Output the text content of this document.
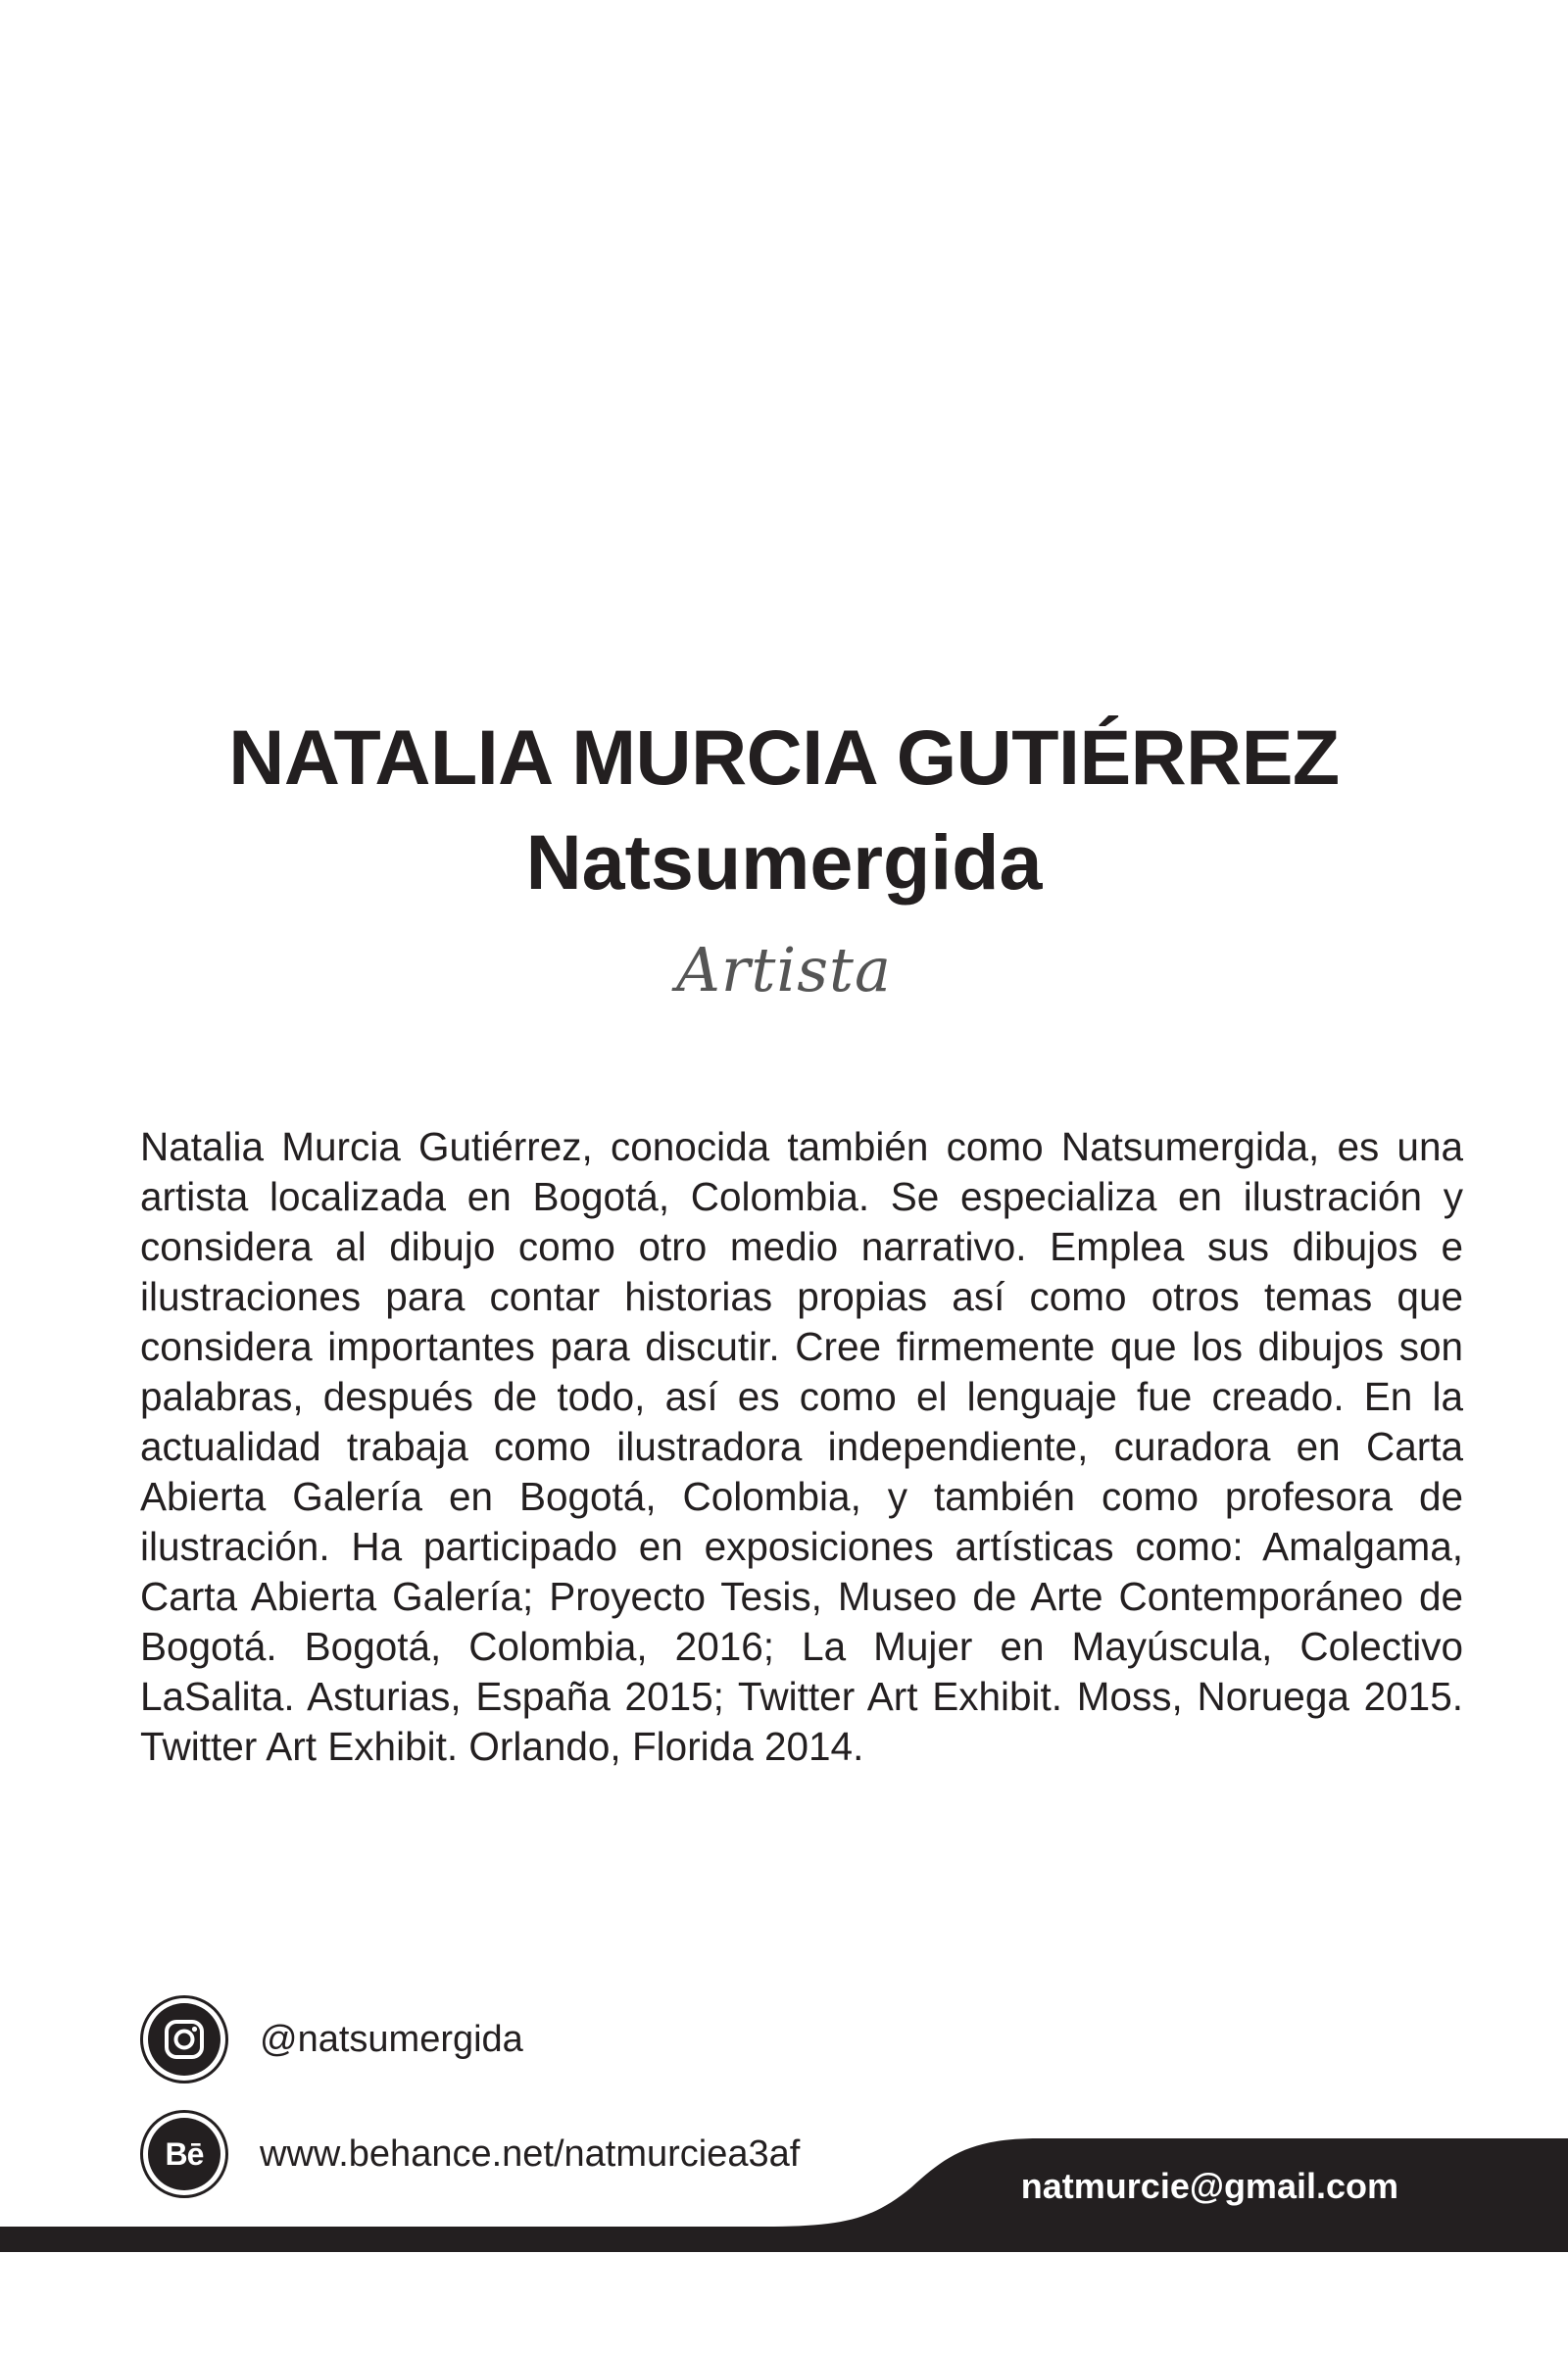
NATALIA MURCIA GUTIÉRREZ
Natsumergida
Artista

Natalia Murcia Gutiérrez, conocida también como Natsumergida, es una artista localizada en Bogotá, Colombia. Se especializa en ilustración y considera al dibujo como otro medio narrativo. Emplea sus dibujos e ilustraciones para contar historias propias así como otros temas que considera importantes para discutir. Cree firmemente que los dibujos son palabras, después de todo, así es como el lenguaje fue creado. En la actualidad trabaja como ilustradora independiente, curadora en Carta Abierta Galería en Bogotá, Colombia, y también como profesora de ilustración. Ha participado en exposiciones artísticas como: Amalgama, Carta Abierta Galería; Proyecto Tesis, Museo de Arte Contemporáneo de Bogotá. Bogotá, Colombia, 2016; La Mujer en Mayúscula, Colectivo LaSalita. Asturias, España 2015; Twitter Art Exhibit. Moss, Noruega 2015. Twitter Art Exhibit. Orlando, Florida 2014.

@natsumergida
Bē www.behance.net/natmurciea3af
natmurcie@gmail.com
